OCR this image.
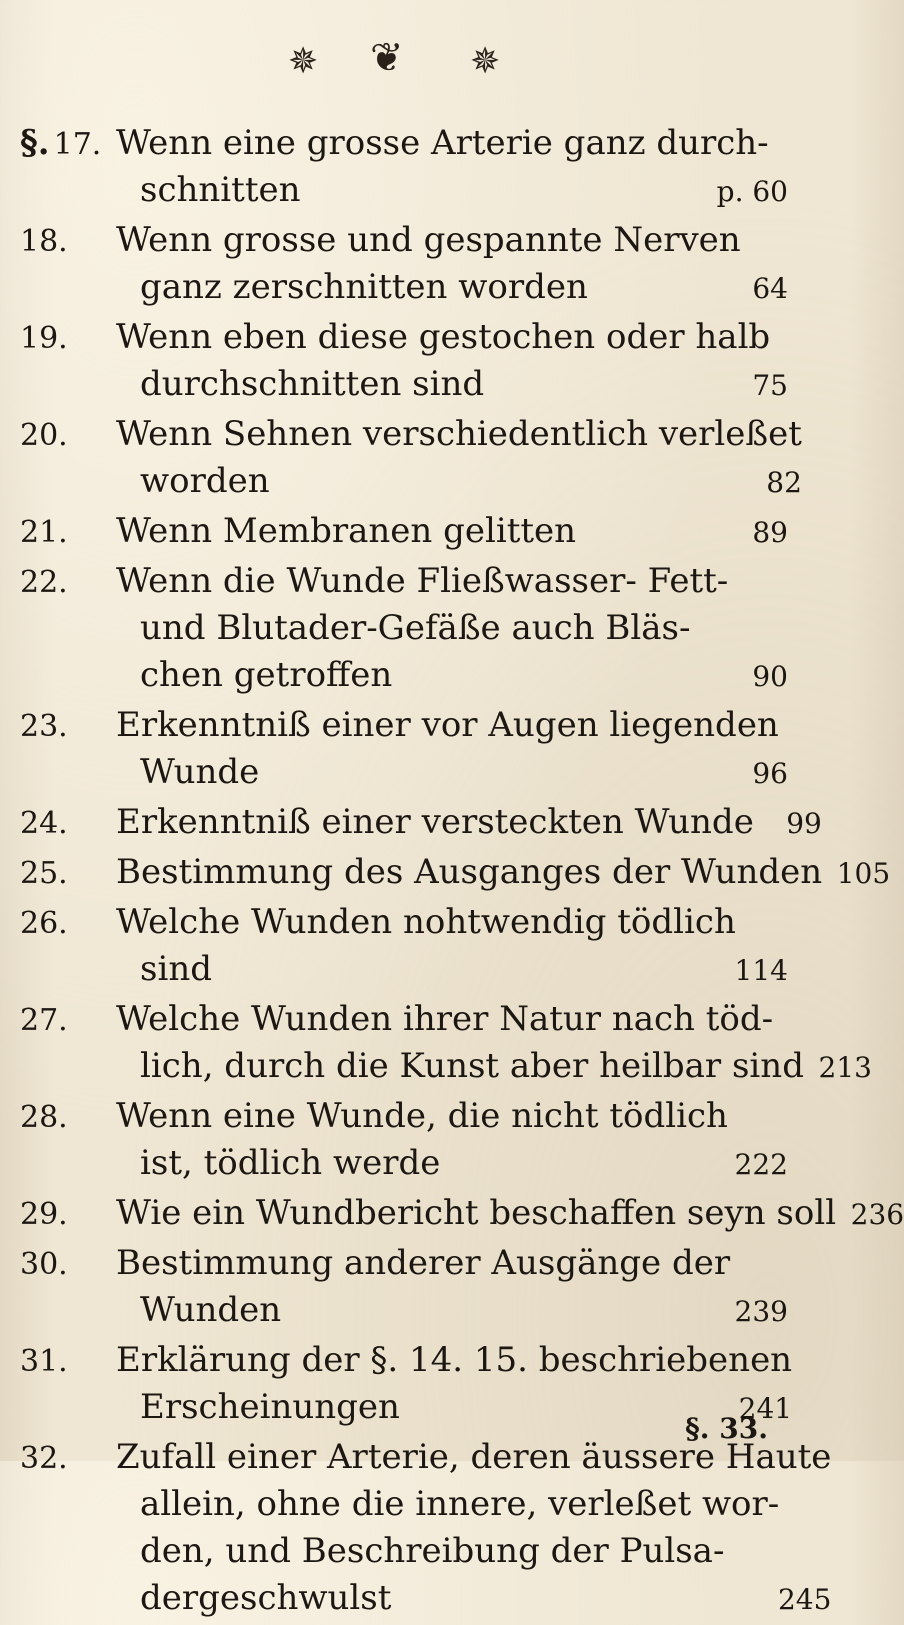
✵ ❦ ✵
§. 17. Wenn eine grosse Arterie ganz durch-
schnitten	p. 60
18.	Wenn grosse und gespannte Nerven
ganz zerschnitten worden	64
19.	Wenn eben diese gestochen oder halb
durchschnitten sind	75
20.	Wenn Sehnen verschiedentlich verleßet
worden	82
21.	Wenn Membranen gelitten	89
22.	Wenn die Wunde Fließwasser- Fett-
und Blutader-Gefäße auch Bläs-
chen getroffen	90
23.	Erkenntniß einer vor Augen liegenden
Wunde	96
24.	Erkenntniß einer versteckten Wunde	99
25.	Bestimmung des Ausganges der Wunden 105
26.	Welche Wunden nohtwendig tödlich
sind	114
27.	Welche Wunden ihrer Natur nach töd-
lich, durch die Kunst aber heilbar sind 213
28.	Wenn eine Wunde, die nicht tödlich
ist, tödlich werde	222
29.	Wie ein Wundbericht beschaffen seyn soll 236
30.	Bestimmung anderer Ausgänge der
Wunden	239
31.	Erklärung der §. 14. 15. beschriebenen
Erscheinungen	241
32.	Zufall einer Arterie, deren äussere Haute
allein, ohne die innere, verleßet wor-
den, und Beschreibung der Pulsa-
dergeschwulst	245
§. 33.
